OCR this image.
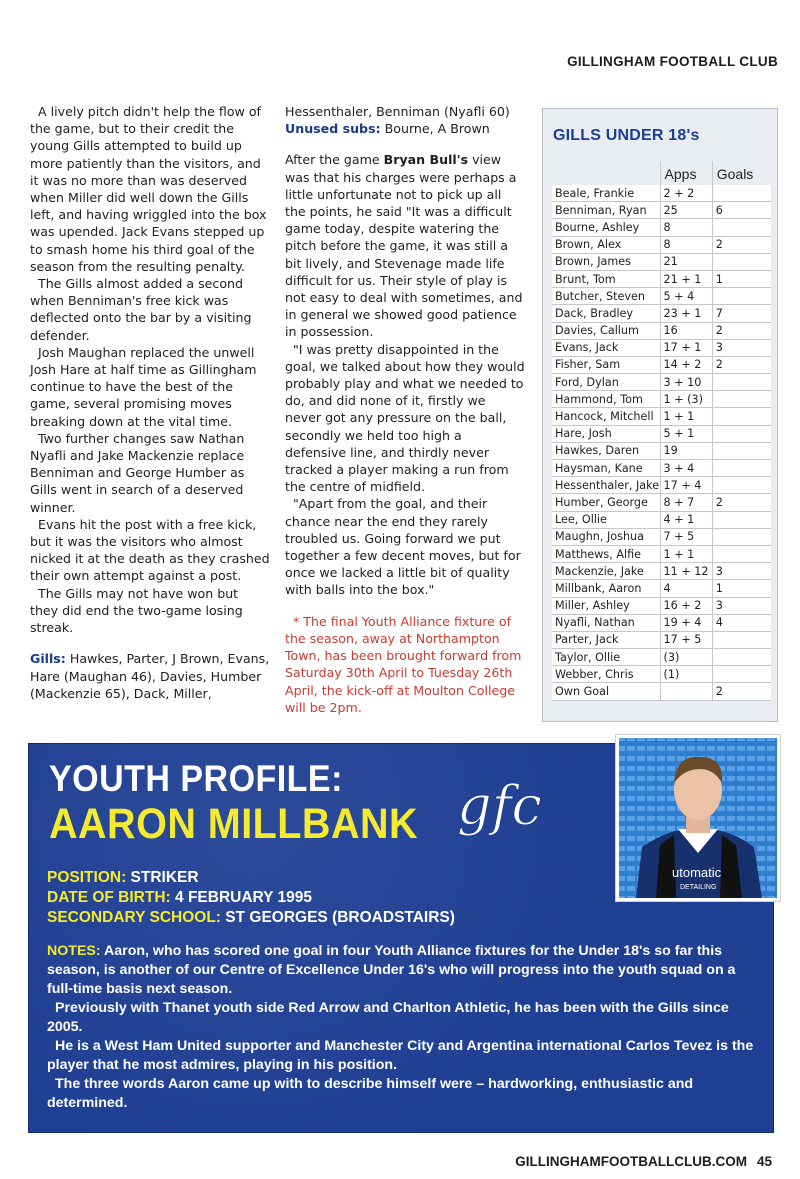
GILLINGHAM FOOTBALL CLUB

A lively pitch didn't help the flow of the game, but to their credit the young Gills attempted to build up more patiently than the visitors, and it was no more than was deserved when Miller did well down the Gills left, and having wriggled into the box was upended. Jack Evans stepped up to smash home his third goal of the season from the resulting penalty.

The Gills almost added a second when Benniman's free kick was deflected onto the bar by a visiting defender.

Josh Maughan replaced the unwell Josh Hare at half time as Gillingham continue to have the best of the game, several promising moves breaking down at the vital time.

Two further changes saw Nathan Nyafli and Jake Mackenzie replace Benniman and George Humber as Gills went in search of a deserved winner.

Evans hit the post with a free kick, but it was the visitors who almost nicked it at the death as they crashed their own attempt against a post.

The Gills may not have won but they did end the two-game losing streak.

Gills: Hawkes, Parter, J Brown, Evans, Hare (Maughan 46), Davies, Humber (Mackenzie 65), Dack, Miller,

Hessenthaler, Benniman (Nyafli 60)

Unused subs: Bourne, A Brown

After the game Bryan Bull's view was that his charges were perhaps a little unfortunate not to pick up all the points, he said "It was a difficult game today, despite watering the pitch before the game, it was still a bit lively, and Stevenage made life difficult for us. Their style of play is not easy to deal with sometimes, and in general we showed good patience in possession.

"I was pretty disappointed in the goal, we talked about how they would probably play and what we needed to do, and did none of it, firstly we never got any pressure on the ball, secondly we held too high a defensive line, and thirdly never tracked a player making a run from the centre of midfield.

"Apart from the goal, and their chance near the end they rarely troubled us. Going forward we put together a few decent moves, but for once we lacked a little bit of quality with balls into the box."

* The final Youth Alliance fixture of the season, away at Northampton Town, has been brought forward from Saturday 30th April to Tuesday 26th April, the kick-off at Moulton College will be 2pm.

GILLS UNDER 18's
	Apps	Goals
Beale, Frankie	2 + 2	
Benniman, Ryan	25	6
Bourne, Ashley	8	
Brown, Alex	8	2
Brown, James	21	
Brunt, Tom	21 + 1	1
Butcher, Steven	5 + 4	
Dack, Bradley	23 + 1	7
Davies, Callum	16	2
Evans, Jack	17 + 1	3
Fisher, Sam	14 + 2	2
Ford, Dylan	3 + 10	
Hammond, Tom	1 + (3)	
Hancock, Mitchell	1 + 1	
Hare, Josh	5 + 1	
Hawkes, Daren	19	
Haysman, Kane	3 + 4	
Hessenthaler, Jake	17 + 4	
Humber, George	8 + 7	2
Lee, Ollie	4 + 1	
Maughn, Joshua	7 + 5	
Matthews, Alfie	1 + 1	
Mackenzie, Jake	11 + 12	3
Millbank, Aaron	4	1
Miller, Ashley	16 + 2	3
Nyafli, Nathan	19 + 4	4
Parter, Jack	17 + 5	
Taylor, Ollie	(3)	
Webber, Chris	(1)	
Own Goal		2
YOUTH PROFILE:
AARON MILLBANK gfc
utomatic
DETAILING
POSITION: STRIKER
DATE OF BIRTH: 4 FEBRUARY 1995
SECONDARY SCHOOL: ST GEORGES (BROADSTAIRS)

NOTES: Aaron, who has scored one goal in four Youth Alliance fixtures for the Under 18's so far this season, is another of our Centre of Excellence Under 16's who will progress into the youth squad on a full-time basis next season.

Previously with Thanet youth side Red Arrow and Charlton Athletic, he has been with the Gills since 2005.

He is a West Ham United supporter and Manchester City and Argentina international Carlos Tevez is the player that he most admires, playing in his position.

The three words Aaron came up with to describe himself were – hardworking, enthusiastic and determined.

GILLINGHAMFOOTBALLCLUB.COM 45
